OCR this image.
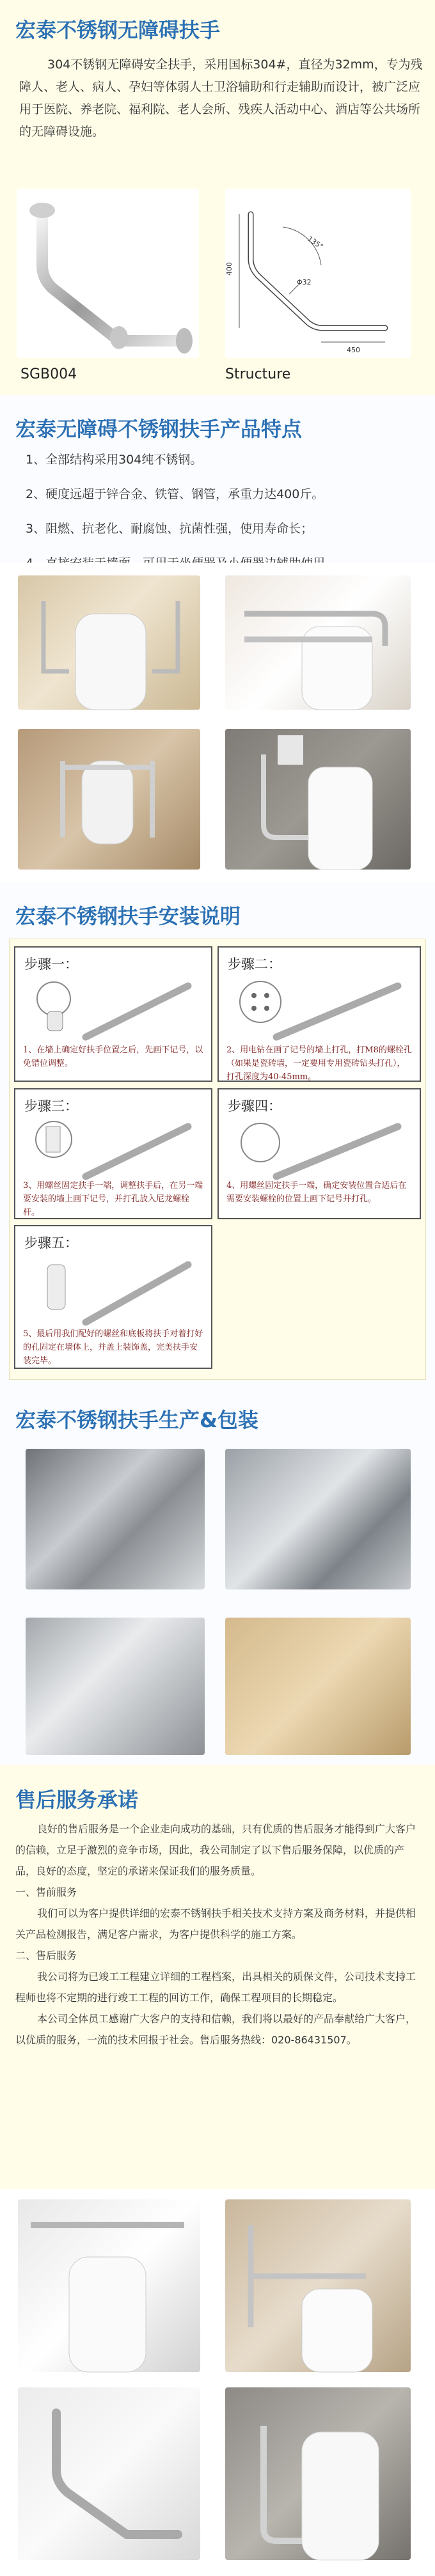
宏泰不锈钢无障碍扶手

304不锈钢无障碍安全扶手，采用国标304#，直径为32mm，专为残障人、老人、病人、孕妇等体弱人士卫浴辅助和行走辅助而设计，被广泛应用于医院、养老院、福利院、老人会所、残疾人活动中心、酒店等公共场所的无障碍设施。

400
135°
Φ32
450
SGB004	Structure
宏泰无障碍不锈钢扶手产品特点
1、全部结构采用304纯不锈钢。
2、硬度远超于锌合金、铁管、钢管，承重力达400斤。
3、阻燃、抗老化、耐腐蚀、抗菌性强，使用寿命长；
宏泰不锈钢扶手安装说明
步骤一：
1、在墙上确定好扶手位置之后，先画下记号，以免错位调整。
步骤二：
2、用电钻在画了记号的墙上打孔，打M8的螺栓孔（如果是瓷砖墙，一定要用专用瓷砖钻头打孔），打孔深度为40-45mm。
步骤三：
3、用螺丝固定扶手一端，调整扶手后，在另一端要安装的墙上画下记号，并打孔放入尼龙螺栓杆。
步骤四：
4、用螺丝固定扶手一端，确定安装位置合适后在需要安装螺栓的位置上画下记号并打孔。
步骤五：
5、最后用我们配好的螺丝和底板将扶手对着打好的孔固定在墙体上，并盖上装饰盖，完美扶手安装完毕。
宏泰不锈钢扶手生产&包装
售后服务承诺

良好的售后服务是一个企业走向成功的基础，只有优质的售后服务才能得到广大客户的信赖，立足于激烈的竞争市场，因此，我公司制定了以下售后服务保障，以优质的产品，良好的态度，坚定的承诺来保证我们的服务质量。

一、售前服务

我们可以为客户提供详细的宏泰不锈钢扶手相关技术支持方案及商务材料，并提供相关产品检测报告，满足客户需求，为客户提供科学的施工方案。

二、售后服务

我公司将为已竣工工程建立详细的工程档案，出具相关的质保文件，公司技术支持工程师也将不定期的进行竣工工程的回访工作，确保工程项目的长期稳定。

本公司全体员工感谢广大客户的支持和信赖，我们将以最好的产品奉献给广大客户，以优质的服务，一流的技术回报于社会。售后服务热线：020-86431507。
